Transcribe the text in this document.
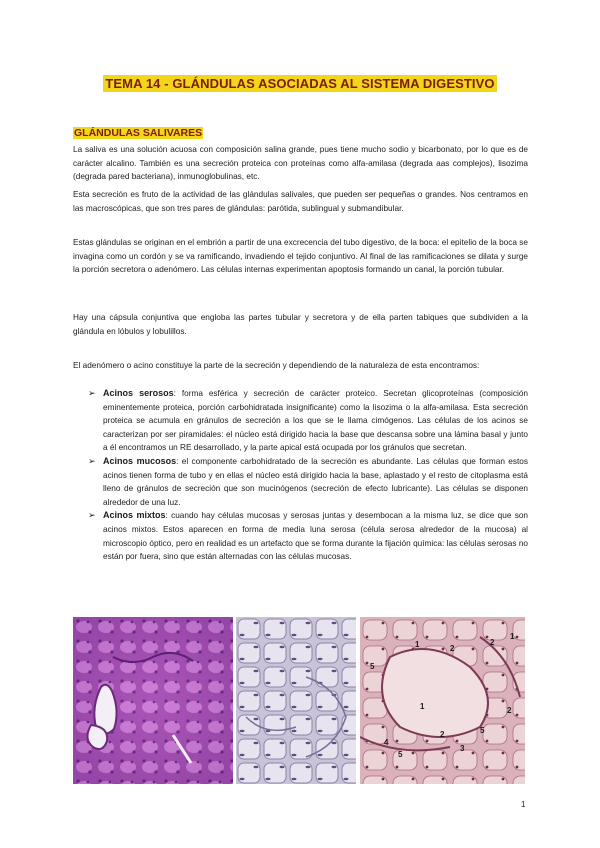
TEMA 14 - GLÁNDULAS ASOCIADAS AL SISTEMA DIGESTIVO
GLÁNDULAS SALIVARES

La saliva es una solución acuosa con composición salina grande, pues tiene mucho sodio y bicarbonato, por lo que es de carácter alcalino. También es una secreción proteica con proteínas como alfa-amilasa (degrada aas complejos), lisozima (degrada pared bacteriana), inmunoglobulinas, etc.

Esta secreción es fruto de la actividad de las glándulas salivales, que pueden ser pequeñas o grandes. Nos centramos en las macroscópicas, que son tres pares de glándulas: parótida, sublingual y submandibular.

Estas glándulas se originan en el embrión a partir de una excrecencia del tubo digestivo, de la boca: el epitelio de la boca se invagina como un cordón y se va ramificando, invadiendo el tejido conjuntivo. Al final de las ramificaciones se dilata y surge la porción secretora o adenómero. Las células internas experimentan apoptosis formando un canal, la porción tubular.

Hay una cápsula conjuntiva que engloba las partes tubular y secretora y de ella parten tabiques que subdividen a la glándula en lóbulos y lobulillos.

El adenómero o acino constituye la parte de la secreción y dependiendo de la naturaleza de esta encontramos:

➢ Acinos serosos: forma esférica y secreción de carácter proteico. Secretan glicoproteínas (composición eminentemente proteica, porción carbohidratada insignificante) como la lisozima o la alfa-amilasa. Esta secreción proteica se acumula en gránulos de secreción a los que se le llama cimógenos. Las células de los acinos se caracterizan por ser piramidales: el núcleo está dirigido hacia la base que descansa sobre una lámina basal y junto a él encontramos un RE desarrollado, y la parte apical está ocupada por los gránulos que secretan.
➢ Acinos mucosos: el componente carbohidratado de la secreción es abundante. Las células que forman estos acinos tienen forma de tubo y en ellas el núcleo está dirigido hacia la base, aplastado y el resto de citoplasma está lleno de gránulos de secreción que son mucinógenos (secreción de efecto lubricante). Las células se disponen alrededor de una luz.
➢ Acinos mixtos: cuando hay células mucosas y serosas juntas y desembocan a la misma luz, se dice que son acinos mixtos. Estos aparecen en forma de media luna serosa (célula serosa alrededor de la mucosa) al microscopio óptico, pero en realidad es un artefacto que se forma durante la fijación química: las células serosas no están por fuera, sino que están alternadas con las células mucosas.
1	2
2
2
5
1
2
3
4
5
5
1
1
